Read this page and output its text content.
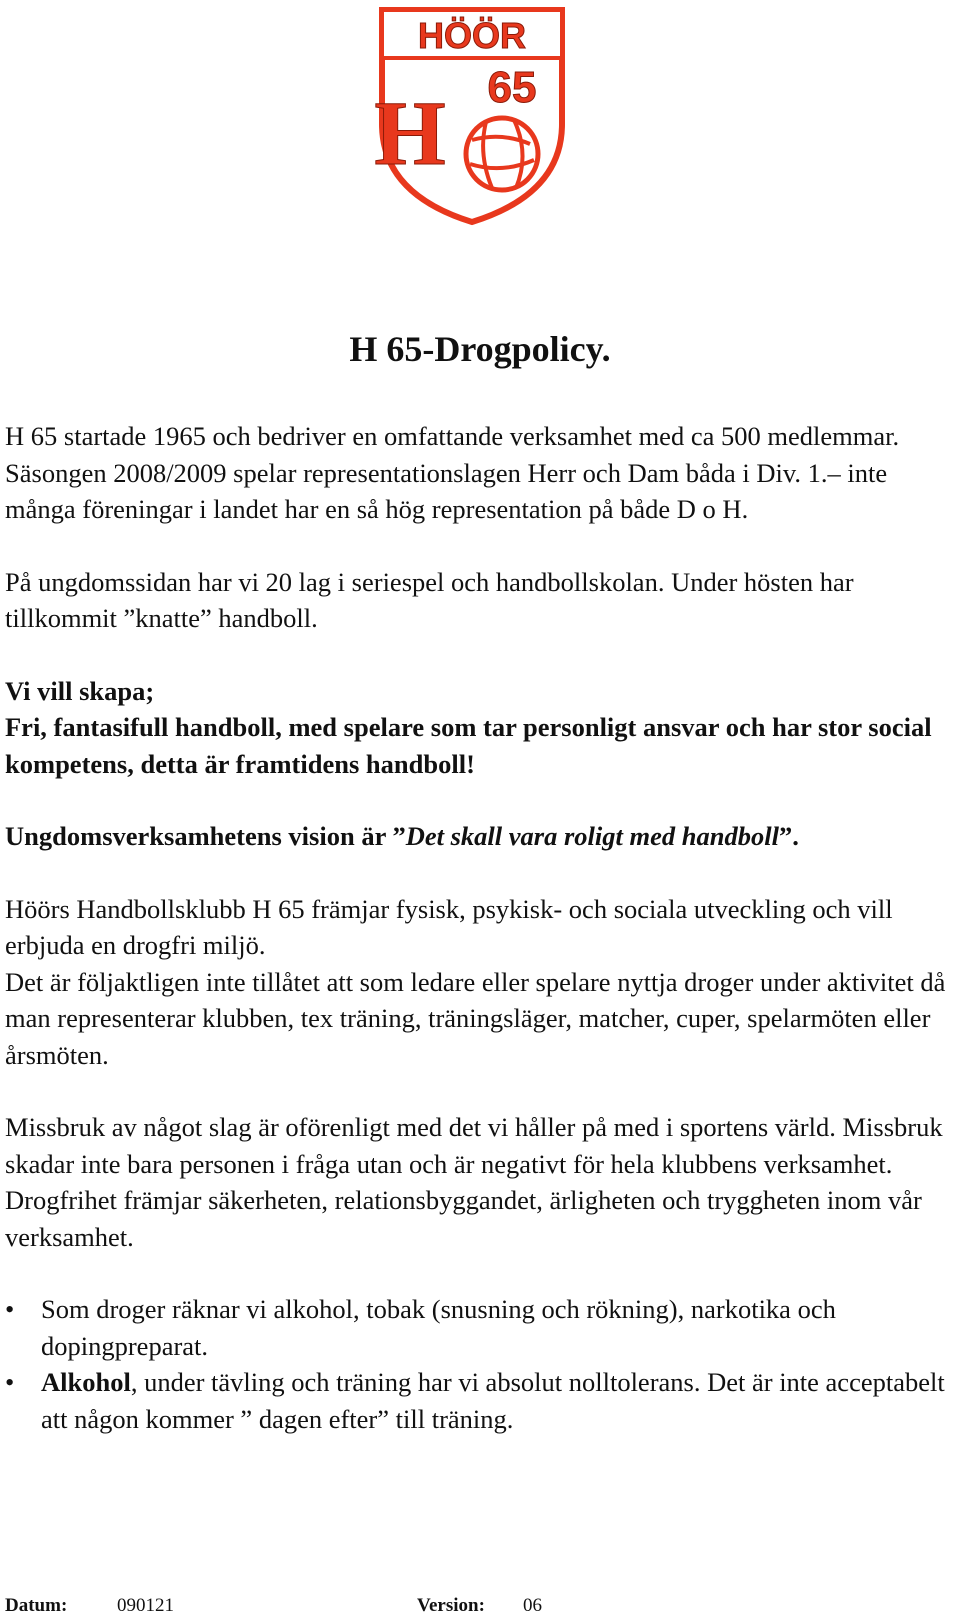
HÖÖR
65
H
H 65-Drogpolicy.

H 65 startade 1965 och bedriver en omfattande verksamhet med ca 500 medlemmar.

Säsongen 2008/2009 spelar representationslagen Herr och Dam båda i Div. 1.– inte många föreningar i landet har en så hög representation på både D o H.

På ungdomssidan har vi 20 lag i seriespel och handbollskolan. Under hösten har tillkommit ”knatte” handboll.

Vi vill skapa;

Fri, fantasifull handboll, med spelare som tar personligt ansvar och har stor social kompetens, detta är framtidens handboll!

Ungdomsverksamhetens vision är ”Det skall vara roligt med handboll”.

Höörs Handbollsklubb H 65 främjar fysisk, psykisk- och sociala utveckling och vill erbjuda en drogfri miljö.

Det är följaktligen inte tillåtet att som ledare eller spelare nyttja droger under aktivitet då man representerar klubben, tex träning, träningsläger, matcher, cuper, spelarmöten eller årsmöten.

Missbruk av något slag är oförenligt med det vi håller på med i sportens värld. Missbruk skadar inte bara personen i fråga utan och är negativt för hela klubbens verksamhet.

Drogfrihet främjar säkerheten, relationsbyggandet, ärligheten och tryggheten inom vår verksamhet.

• Som droger räknar vi alkohol, tobak (snusning och rökning), narkotika och dopingpreparat.
• Alkohol, under tävling och träning har vi absolut nolltolerans. Det är inte acceptabelt att någon kommer ” dagen efter” till träning.
Datum:	090121	Version: 06
